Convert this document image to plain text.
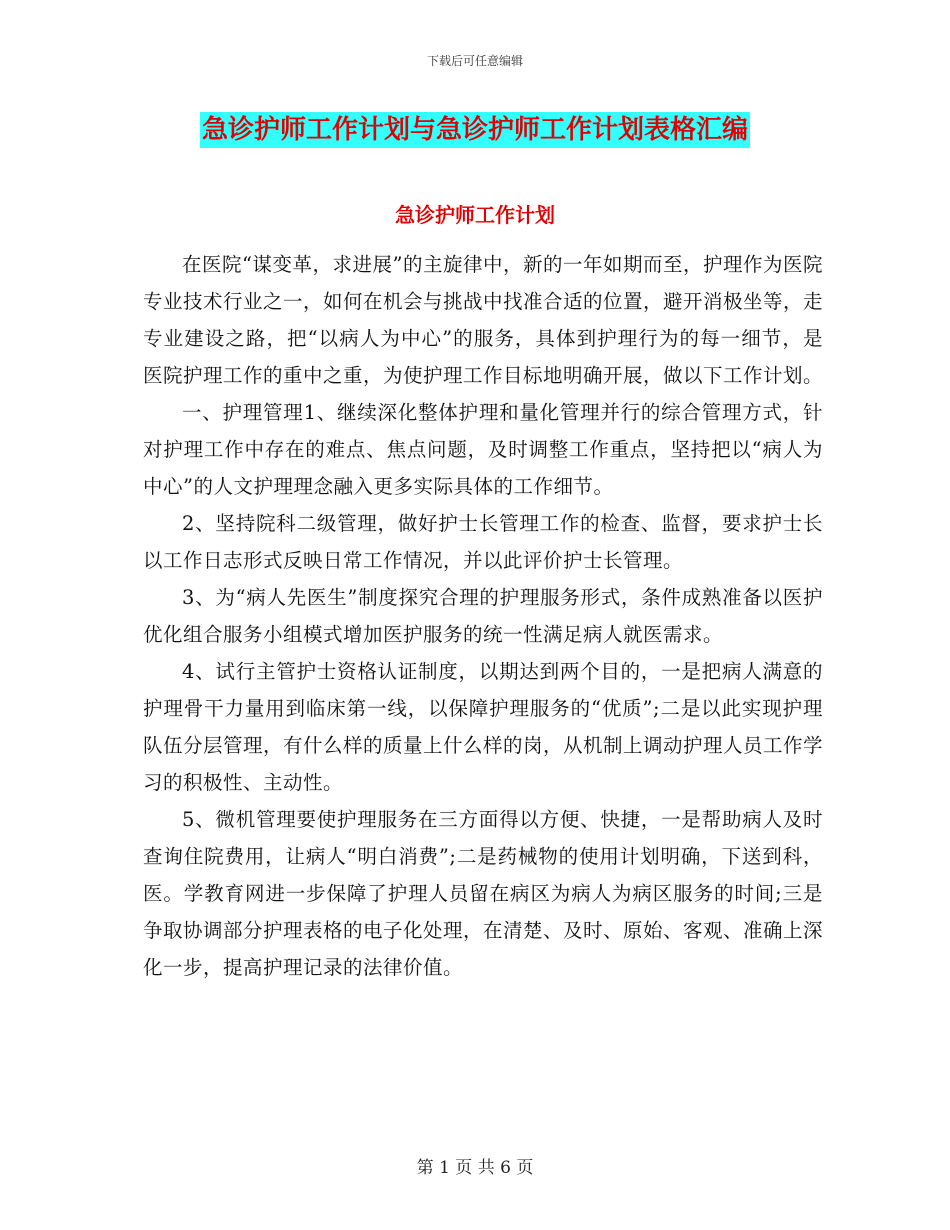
下载后可任意编辑
急诊护师工作计划与急诊护师工作计划表格汇编
急诊护师工作计划

在医院“谋变革，求进展”的主旋律中，新的一年如期而至，护理作为医院专业技术行业之一，如何在机会与挑战中找准合适的位置，避开消极坐等，走专业建设之路，把“以病人为中心”的服务，具体到护理行为的每一细节，是医院护理工作的重中之重，为使护理工作目标地明确开展，做以下工作计划。

一、护理管理1、继续深化整体护理和量化管理并行的综合管理方式，针对护理工作中存在的难点、焦点问题，及时调整工作重点，坚持把以“病人为中心”的人文护理理念融入更多实际具体的工作细节。

2、坚持院科二级管理，做好护士长管理工作的检查、监督，要求护士长以工作日志形式反映日常工作情况，并以此评价护士长管理。

3、为“病人先医生”制度探究合理的护理服务形式，条件成熟准备以医护优化组合服务小组模式增加医护服务的统一性满足病人就医需求。

4、试行主管护士资格认证制度，以期达到两个目的，一是把病人满意的护理骨干力量用到临床第一线，以保障护理服务的“优质”;二是以此实现护理队伍分层管理，有什么样的质量上什么样的岗，从机制上调动护理人员工作学习的积极性、主动性。

5、微机管理要使护理服务在三方面得以方便、快捷，一是帮助病人及时查询住院费用，让病人“明白消费”;二是药械物的使用计划明确，下送到科，医。学教育网进一步保障了护理人员留在病区为病人为病区服务的时间;三是争取协调部分护理表格的电子化处理，在清楚、及时、原始、客观、准确上深化一步，提高护理记录的法律价值。

第 1 页 共 6 页
